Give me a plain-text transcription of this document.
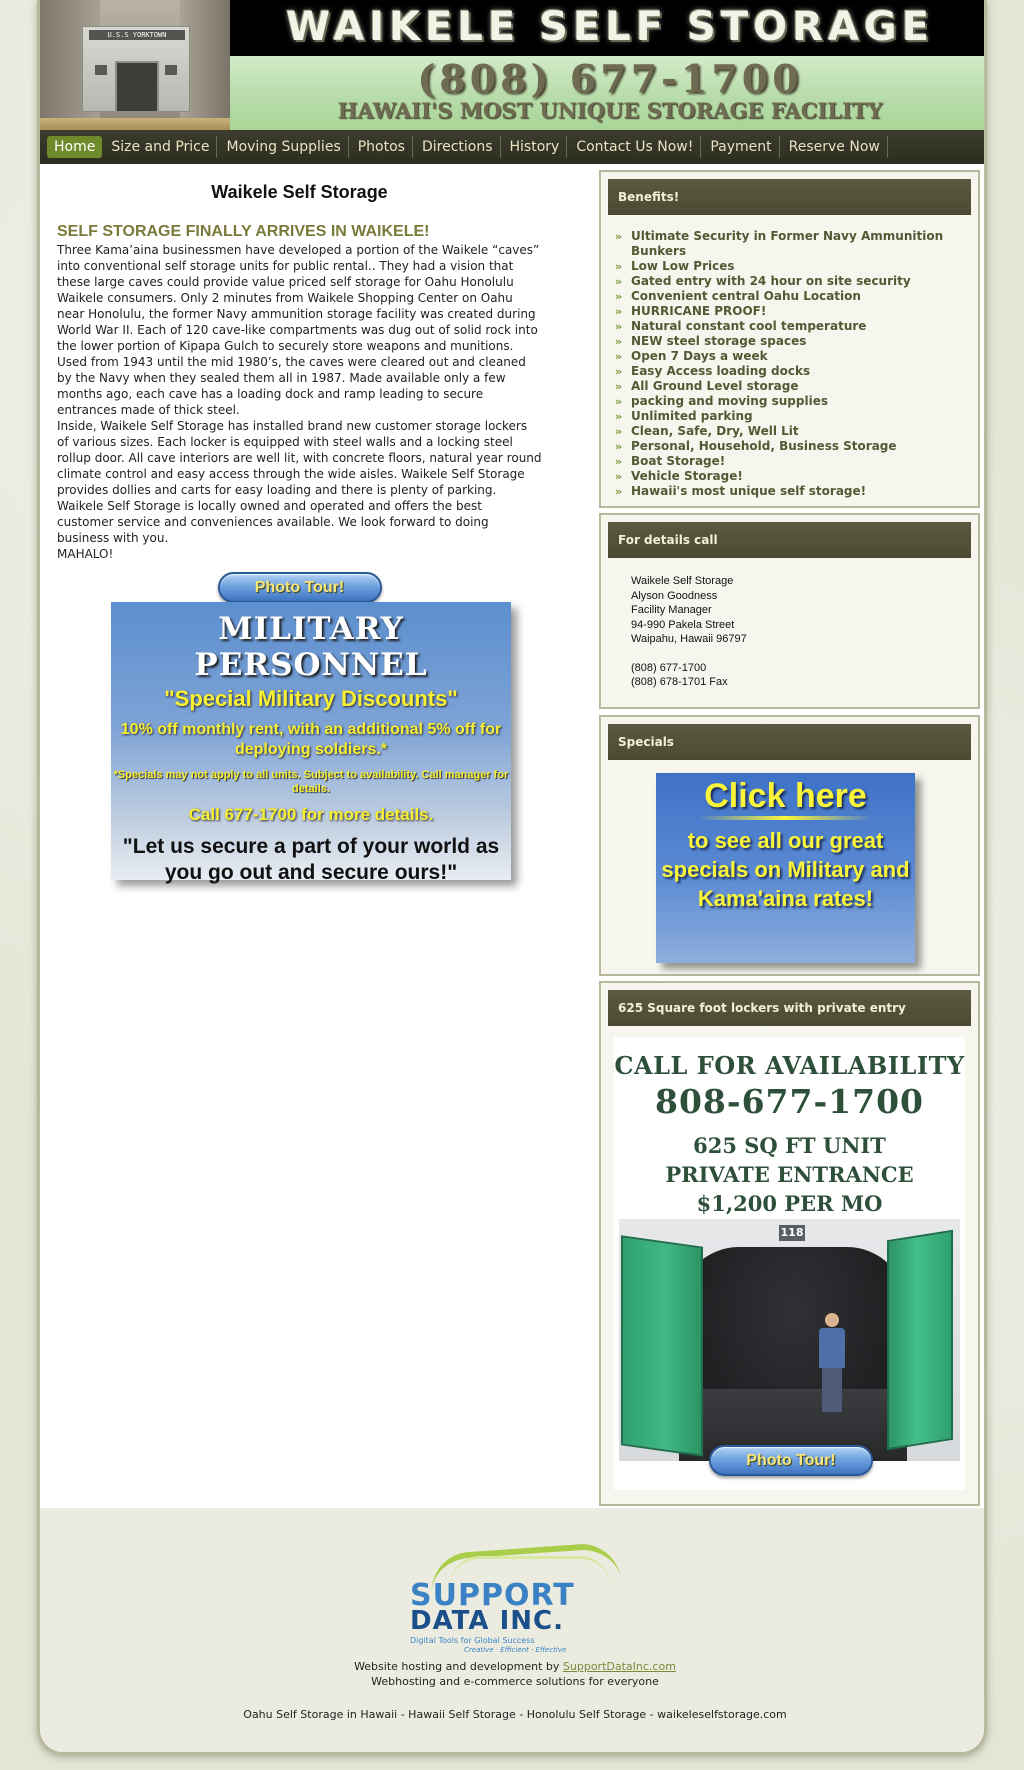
U.S.S YORKTOWN	WAIKELE SELF STORAGE
(808) 677-1700
HAWAII'S MOST UNIQUE STORAGE FACILITY
Home Size and Price Moving Supplies Photos Directions History Contact Us Now! Payment Reserve Now
Waikele Self Storage
SELF STORAGE FINALLY ARRIVES IN WAIKELE!

Three Kama’aina businessmen have developed a portion of the Waikele “caves” into conventional self storage units for public rental.. They had a vision that these large caves could provide value priced self storage for Oahu Honolulu Waikele consumers. Only 2 minutes from Waikele Shopping Center on Oahu near Honolulu, the former Navy ammunition storage facility was created during World War II. Each of 120 cave-like compartments was dug out of solid rock into the lower portion of Kipapa Gulch to securely store weapons and munitions. Used from 1943 until the mid 1980’s, the caves were cleared out and cleaned by the Navy when they sealed them all in 1987. Made available only a few months ago, each cave has a loading dock and ramp leading to secure entrances made of thick steel.

Inside, Waikele Self Storage has installed brand new customer storage lockers of various sizes. Each locker is equipped with steel walls and a locking steel rollup door. All cave interiors are well lit, with concrete floors, natural year round climate control and easy access through the wide aisles. Waikele Self Storage provides dollies and carts for easy loading and there is plenty of parking. Waikele Self Storage is locally owned and operated and offers the best customer service and conveniences available. We look forward to doing business with you.

MAHALO!

Photo Tour!
MILITARY PERSONNEL
"Special Military Discounts"
10% off monthly rent, with an additional 5% off for deploying soldiers.*
*Specials may not apply to all units. Subject to availability. Call manager for details.
Call 677-1700 for more details.
"Let us secure a part of your world as you go out and secure ours!"
Benefits!
» Ultimate Security in Former Navy Ammunition Bunkers
» Low Low Prices
» Gated entry with 24 hour on site security
» Convenient central Oahu Location
» HURRICANE PROOF!
» Natural constant cool temperature
» NEW steel storage spaces
» Open 7 Days a week
» Easy Access loading docks
» All Ground Level storage
» packing and moving supplies
» Unlimited parking
» Clean, Safe, Dry, Well Lit
» Personal, Household, Business Storage
» Boat Storage!
» Vehicle Storage!
» Hawaii's most unique self storage!
For details call
Waikele Self Storage
Alyson Goodness
Facility Manager
94-990 Pakela Street
Waipahu, Hawaii 96797
(808) 677-1700
(808) 678-1701 Fax
Specials
Click here
to see all our great specials on Military and Kama'aina rates!
625 Square foot lockers with private entry
CALL FOR AVAILABILITY
808-677-1700
625 SQ FT UNIT
PRIVATE ENTRANCE
$1,200 PER MO
118
Photo Tour!
SUPPORT
DATA INC.
Digital Tools for Global Success
Creative · Efficient · Effective
Website hosting and development by SupportDataInc.com
Webhosting and e-commerce solutions for everyone
Oahu Self Storage in Hawaii - Hawaii Self Storage - Honolulu Self Storage - waikeleselfstorage.com
